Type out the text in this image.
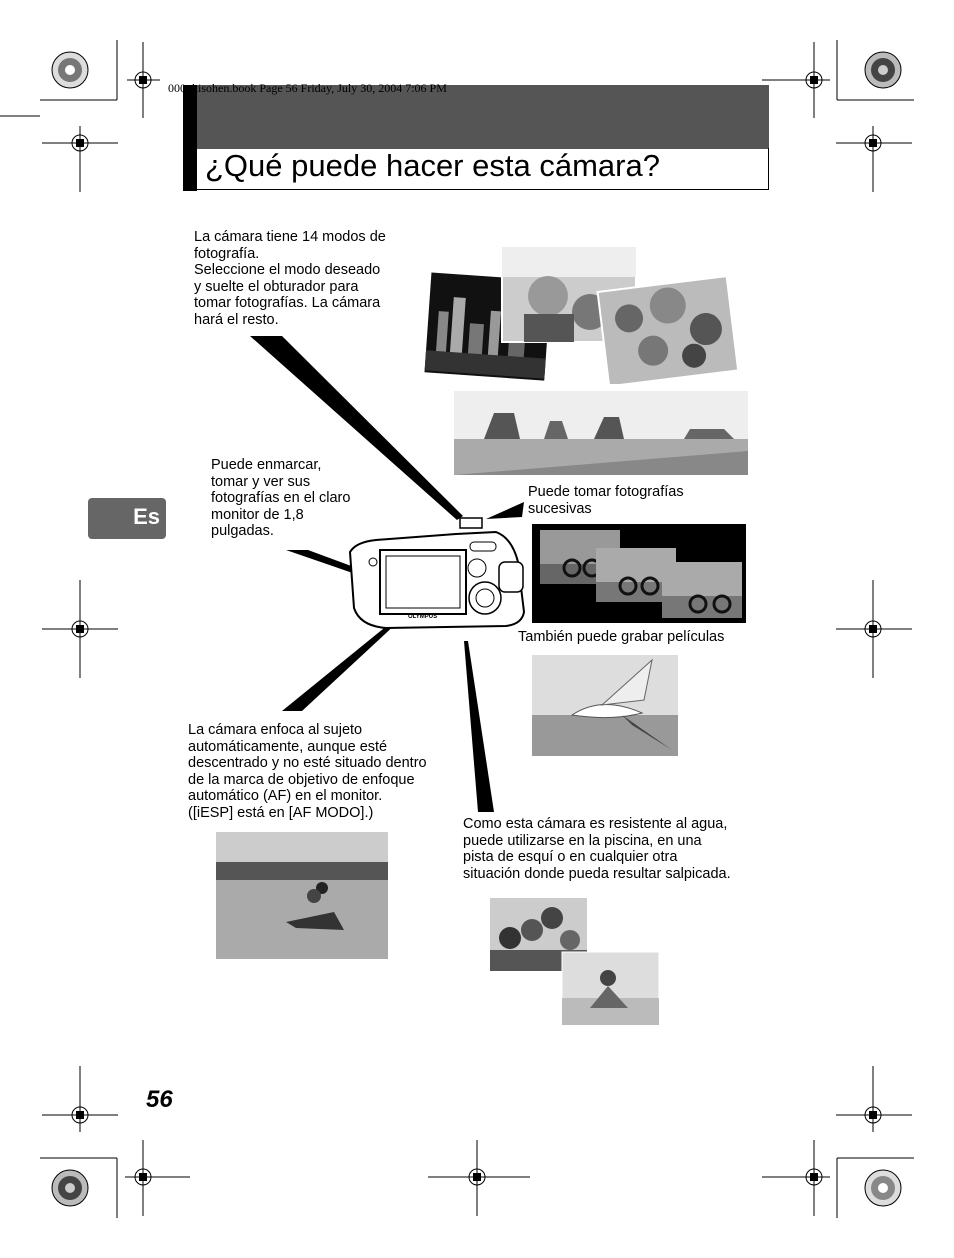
000_kisohen.book Page 56 Friday, July 30, 2004 7:06 PM
¿Qué puede hacer esta cámara?
Es
La cámara tiene 14 modos de
fotografía.
Seleccione el modo deseado
y suelte el obturador para
tomar fotografías. La cámara
hará el resto.
Puede enmarcar,
tomar y ver sus
fotografías en el claro
monitor de 1,8
pulgadas.
Puede tomar fotografías
sucesivas
También puede grabar películas
La cámara enfoca al sujeto
automáticamente, aunque esté
descentrado y no esté situado dentro
de la marca de objetivo de enfoque
automático (AF) en el monitor.
([iESP] está en [AF MODO].)
Como esta cámara es resistente al agua,
puede utilizarse en la piscina, en una
pista de esquí o en cualquier otra
situación donde pueda resultar salpicada.
OLYMPUS
56
